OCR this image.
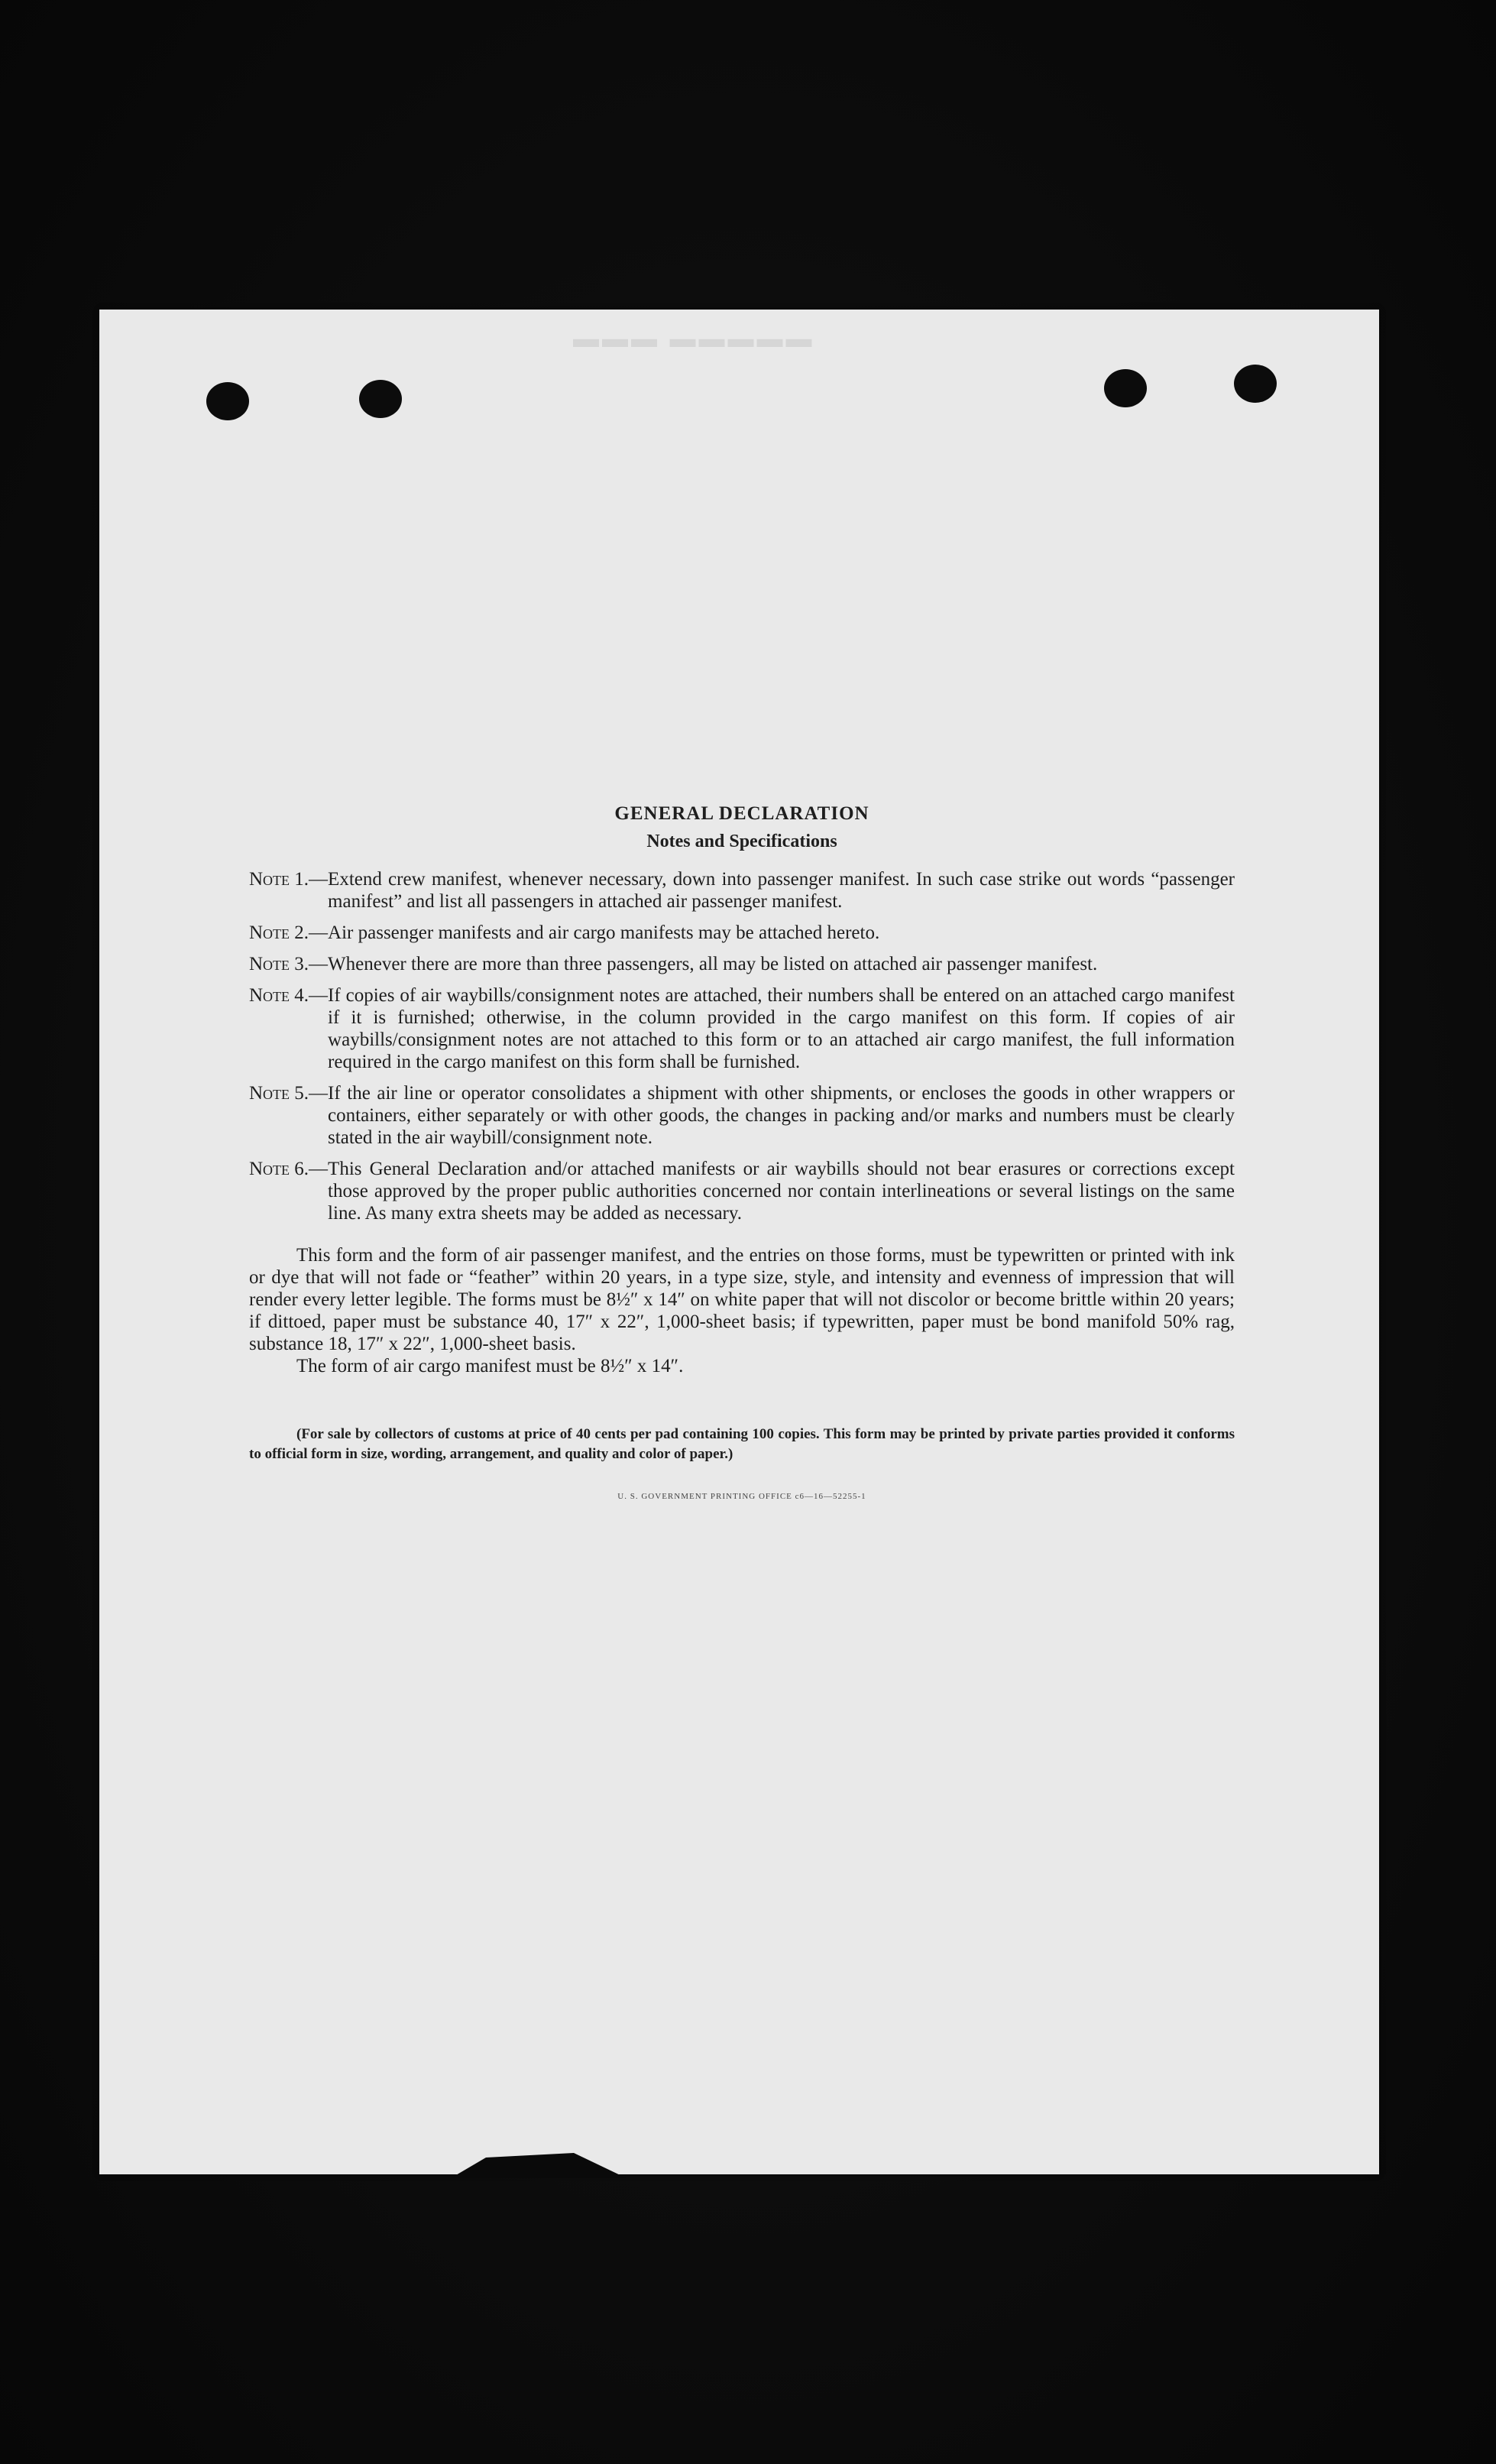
▬▬▬ ▬▬▬▬▬
GENERAL DECLARATION
Notes and Specifications
Note 1.— Extend crew manifest, whenever necessary, down into passenger manifest. In such case strike out words “passenger manifest” and list all passengers in attached air passenger manifest.
Note 2.— Air passenger manifests and air cargo manifests may be attached hereto.
Note 3.— Whenever there are more than three passengers, all may be listed on attached air passenger manifest.
Note 4.— If copies of air waybills/consignment notes are attached, their numbers shall be entered on an attached cargo manifest if it is furnished; otherwise, in the column provided in the cargo manifest on this form. If copies of air waybills/consignment notes are not attached to this form or to an attached air cargo manifest, the full information required in the cargo manifest on this form shall be furnished.
Note 5.— If the air line or operator consolidates a shipment with other shipments, or encloses the goods in other wrappers or containers, either separately or with other goods, the changes in packing and/or marks and numbers must be clearly stated in the air waybill/consignment note.
Note 6.— This General Declaration and/or attached manifests or air waybills should not bear erasures or corrections except those approved by the proper public authorities concerned nor contain interlineations or several listings on the same line. As many extra sheets may be added as necessary.
This form and the form of air passenger manifest, and the entries on those forms, must be typewritten or printed with ink or dye that will not fade or “feather” within 20 years, in a type size, style, and intensity and evenness of impression that will render every letter legible. The forms must be 8½″ x 14″ on white paper that will not discolor or become brittle within 20 years; if dittoed, paper must be substance 40, 17″ x 22″, 1,000-sheet basis; if typewritten, paper must be bond manifold 50% rag, substance 18, 17″ x 22″, 1,000-sheet basis.
The form of air cargo manifest must be 8½″ x 14″.
(For sale by collectors of customs at price of 40 cents per pad containing 100 copies. This form may be printed by private parties provided it conforms to official form in size, wording, arrangement, and quality and color of paper.)
U. S. GOVERNMENT PRINTING OFFICE c6—16—52255-1
